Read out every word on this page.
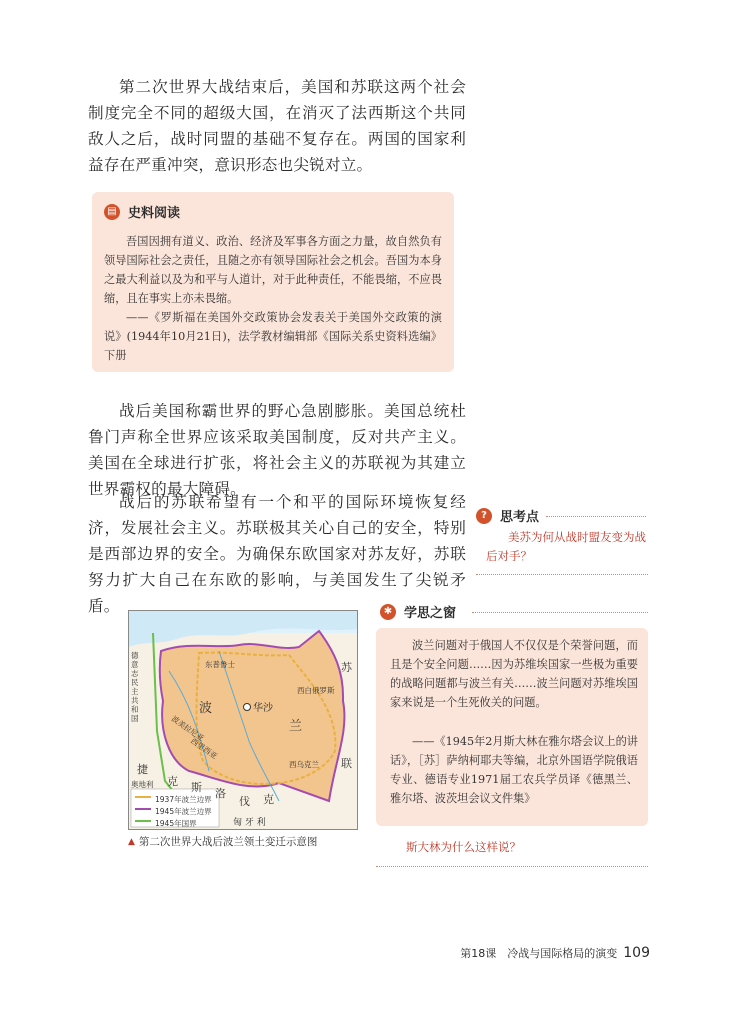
第二次世界大战结束后，美国和苏联这两个社会制度完全不同的超级大国，在消灭了法西斯这个共同敌人之后，战时同盟的基础不复存在。两国的国家利益存在严重冲突，意识形态也尖锐对立。
▤ 史料阅读
吾国因拥有道义、政治、经济及军事各方面之力量，故自然负有领导国际社会之责任，且随之亦有领导国际社会之机会。吾国为本身之最大利益以及为和平与人道计，对于此种责任，不能畏缩，不应畏缩，且在事实上亦未畏缩。
——《罗斯福在美国外交政策协会发表关于美国外交政策的演说》(1944年10月21日)，法学教材编辑部《国际关系史资料选编》下册
战后美国称霸世界的野心急剧膨胀。美国总统杜鲁门声称全世界应该采取美国制度，反对共产主义。美国在全球进行扩张，将社会主义的苏联视为其建立世界霸权的最大障碍。
战后的苏联希望有一个和平的国际环境恢复经济，发展社会主义。苏联极其关心自己的安全，特别是西部边界的安全。为确保东欧国家对苏友好，苏联努力扩大自己在东欧的影响，与美国发生了尖锐矛盾。
?	思考点
美苏为何从战时盟友变为战后对手？
德意志民主共和国
东普鲁士
波
兰
华沙
西白俄罗斯
西乌克兰
苏
联
波美拉尼亚
西里西亚
捷
克 斯 洛
伐 克
匈 牙 利
奥地利
1937年波兰边界
1945年波兰边界
1945年国界
▲ 第二次世界大战后波兰领土变迁示意图
✱ 学思之窗
波兰问题对于俄国人不仅仅是个荣誉问题，而且是个安全问题……因为苏维埃国家一些极为重要的战略问题都与波兰有关……波兰问题对苏维埃国家来说是一个生死攸关的问题。
——《1945年2月斯大林在雅尔塔会议上的讲话》，［苏］萨纳柯耶夫等编，北京外国语学院俄语专业、德语专业1971届工农兵学员译《德黑兰、雅尔塔、波茨坦会议文件集》
斯大林为什么这样说？
第18课　冷战与国际格局的演变 109
